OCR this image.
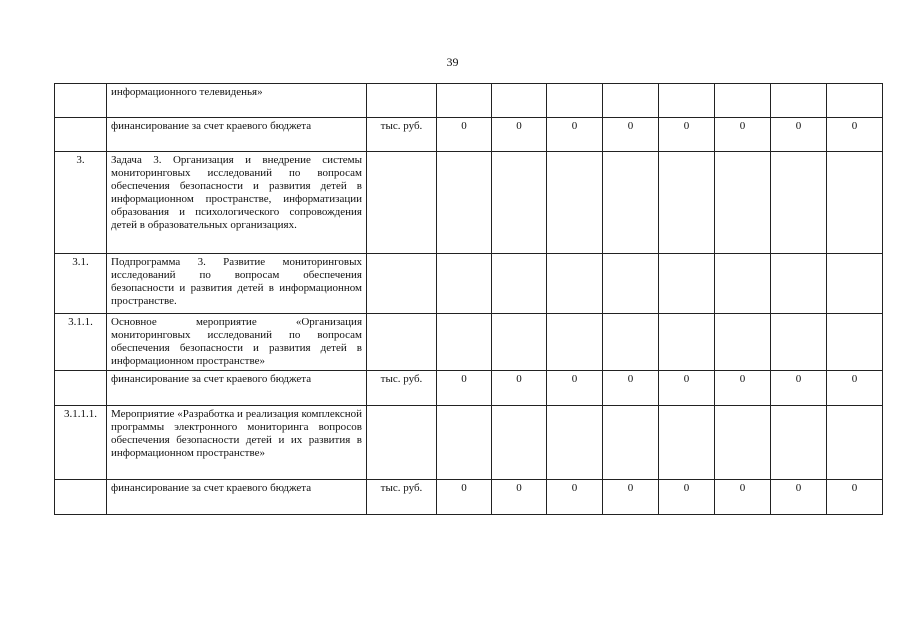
39

	информационного телевиденья»									

	финансирование за счет краевого бюджета	тыс. руб.	0	0	0	0	0	0	0	0
3.	Задача 3. Организация и внедрение системы мониторинговых исследований по вопросам обеспечения безопасности и развития детей в информационном пространстве, информатизации образования и психологического сопровождения детей в образовательных организациях.									

3.1.	Подпрограмма 3. Развитие мониторинговых исследований по вопросам обеспечения безопасности и развития детей в информационном пространстве.									

3.1.1.	Основное мероприятие «Организация мониторинговых исследований по вопросам обеспечения безопасности и развития детей в информационном пространстве»									

	финансирование за счет краевого бюджета	тыс. руб.	0	0	0	0	0	0	0	0
3.1.1.1.	Мероприятие «Разработка и реализация комплексной программы электронного мониторинга вопросов обеспечения безопасности детей и их развития в информационном пространстве»									

	финансирование за счет краевого бюджета	тыс. руб.	0	0	0	0	0	0	0	0
